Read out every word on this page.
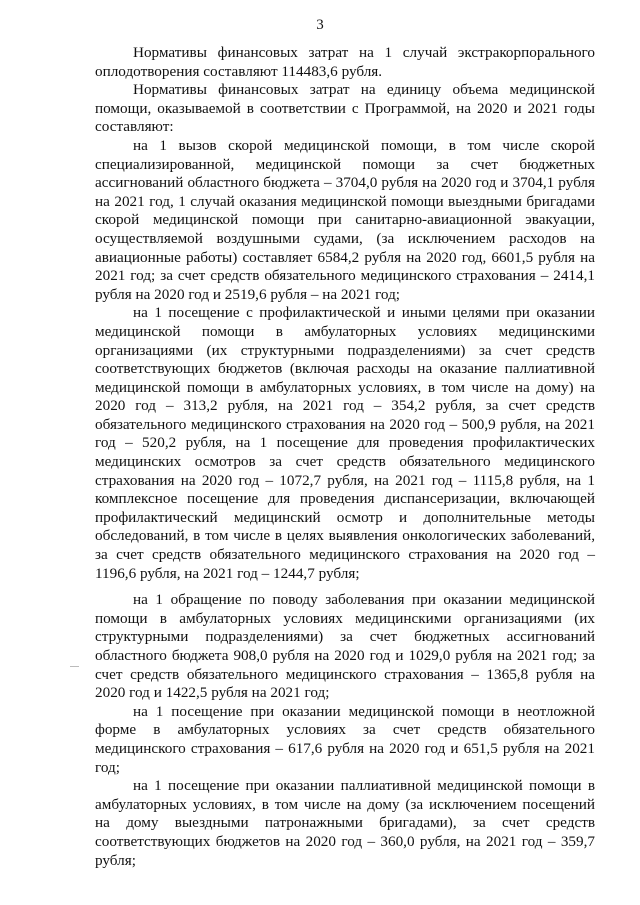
3

Нормативы финансовых затрат на 1 случай экстракорпорального оплодотворения составляют 114483,6 рубля.

Нормативы финансовых затрат на единицу объема медицинской помощи, оказываемой в соответствии с Программой, на 2020 и 2021 годы составляют:

на 1 вызов скорой медицинской помощи, в том числе скорой специализированной, медицинской помощи за счет бюджетных ассигнований областного бюджета – 3704,0 рубля на 2020 год и 3704,1 рубля на 2021 год, 1 случай оказания медицинской помощи выездными бригадами скорой медицинской помощи при санитарно-авиационной эвакуации, осуществляемой воздушными судами, (за исключением расходов на авиационные работы) составляет 6584,2 рубля на 2020 год, 6601,5 рубля на 2021 год; за счет средств обязательного медицинского страхования – 2414,1 рубля на 2020 год и 2519,6 рубля – на 2021 год;

на 1 посещение с профилактической и иными целями при оказании медицинской помощи в амбулаторных условиях медицинскими организациями (их структурными подразделениями) за счет средств соответствующих бюджетов (включая расходы на оказание паллиативной медицинской помощи в амбулаторных условиях, в том числе на дому) на 2020 год – 313,2 рубля, на 2021 год – 354,2 рубля, за счет средств обязательного медицинского страхования на 2020 год – 500,9 рубля, на 2021 год – 520,2 рубля, на 1 посещение для проведения профилактических медицинских осмотров за счет средств обязательного медицинского страхования на 2020 год – 1072,7 рубля, на 2021 год – 1115,8 рубля, на 1 комплексное посещение для проведения диспансеризации, включающей профилактический медицинский осмотр и дополнительные методы обследований, в том числе в целях выявления онкологических заболеваний, за счет средств обязательного медицинского страхования на 2020 год – 1196,6 рубля, на 2021 год – 1244,7 рубля;

на 1 обращение по поводу заболевания при оказании медицинской помощи в амбулаторных условиях медицинскими организациями (их структурными подразделениями) за счет бюджетных ассигнований областного бюджета 908,0 рубля на 2020 год и 1029,0 рубля на 2021 год; за счет средств обязательного медицинского страхования – 1365,8 рубля на 2020 год и 1422,5 рубля на 2021 год;

на 1 посещение при оказании медицинской помощи в неотложной форме в амбулаторных условиях за счет средств обязательного медицинского страхования – 617,6 рубля на 2020 год и 651,5 рубля на 2021 год;

на 1 посещение при оказании паллиативной медицинской помощи в амбулаторных условиях, в том числе на дому (за исключением посещений на дому выездными патронажными бригадами), за счет средств соответствующих бюджетов на 2020 год – 360,0 рубля, на 2021 год – 359,7 рубля;
